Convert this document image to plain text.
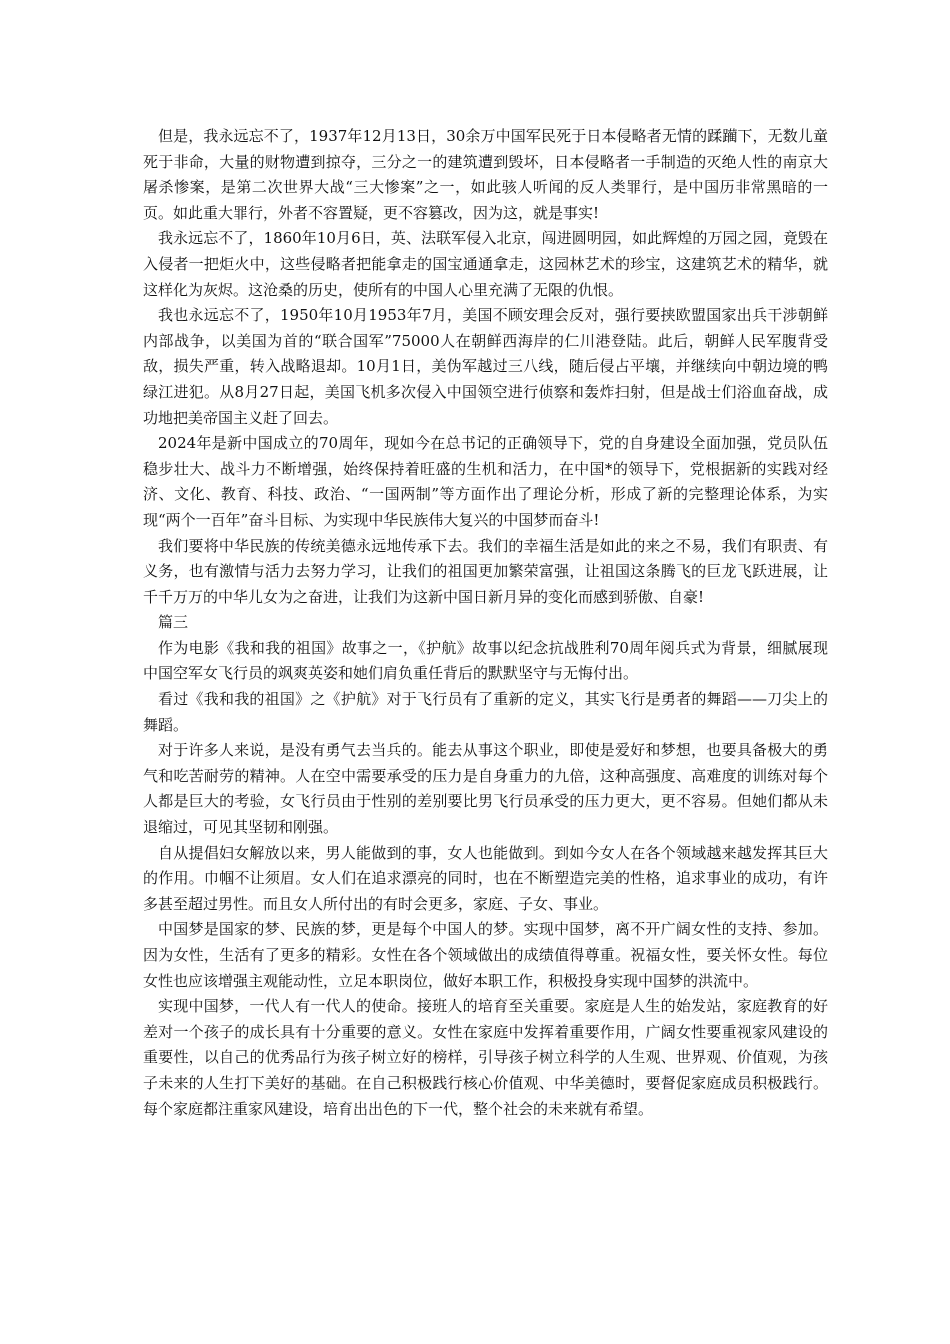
但是，我永远忘不了，1937年12月13日，30余万中国军民死于日本侵略者无情的蹂躏下，无数儿童死于非命，大量的财物遭到掠夺，三分之一的建筑遭到毁坏，日本侵略者一手制造的灭绝人性的南京大屠杀惨案，是第二次世界大战“三大惨案”之一，如此骇人听闻的反人类罪行，是中国历非常黑暗的一页。如此重大罪行，外者不容置疑，更不容篡改，因为这，就是事实!

我永远忘不了，1860年10月6日，英、法联军侵入北京，闯进圆明园，如此辉煌的万园之园，竟毁在入侵者一把炬火中，这些侵略者把能拿走的国宝通通拿走，这园林艺术的珍宝，这建筑艺术的精华，就这样化为灰烬。这沧桑的历史，使所有的中国人心里充满了无限的仇恨。

我也永远忘不了，1950年10月1953年7月，美国不顾安理会反对，强行要挟欧盟国家出兵干涉朝鲜内部战争，以美国为首的“联合国军”75000人在朝鲜西海岸的仁川港登陆。此后，朝鲜人民军腹背受敌，损失严重，转入战略退却。10月1日，美伪军越过三八线，随后侵占平壤，并继续向中朝边境的鸭绿江进犯。从8月27日起，美国飞机多次侵入中国领空进行侦察和轰炸扫射，但是战士们浴血奋战，成功地把美帝国主义赶了回去。

2024年是新中国成立的70周年，现如今在总书记的正确领导下，党的自身建设全面加强，党员队伍稳步壮大、战斗力不断增强，始终保持着旺盛的生机和活力，在中国*的领导下，党根据新的实践对经济、文化、教育、科技、政治、“一国两制”等方面作出了理论分析，形成了新的完整理论体系，为实现“两个一百年”奋斗目标、为实现中华民族伟大复兴的中国梦而奋斗!

我们要将中华民族的传统美德永远地传承下去。我们的幸福生活是如此的来之不易，我们有职责、有义务，也有激情与活力去努力学习，让我们的祖国更加繁荣富强，让祖国这条腾飞的巨龙飞跃进展，让千千万万的中华儿女为之奋进，让我们为这新中国日新月异的变化而感到骄傲、自豪!

篇三

作为电影《我和我的祖国》故事之一，《护航》故事以纪念抗战胜利70周年阅兵式为背景，细腻展现中国空军女飞行员的飒爽英姿和她们肩负重任背后的默默坚守与无悔付出。

看过《我和我的祖国》之《护航》对于飞行员有了重新的定义，其实飞行是勇者的舞蹈——刀尖上的舞蹈。

对于许多人来说，是没有勇气去当兵的。能去从事这个职业，即使是爱好和梦想，也要具备极大的勇气和吃苦耐劳的精神。人在空中需要承受的压力是自身重力的九倍，这种高强度、高难度的训练对每个人都是巨大的考验，女飞行员由于性别的差别要比男飞行员承受的压力更大，更不容易。但她们都从未退缩过，可见其坚韧和刚强。

自从提倡妇女解放以来，男人能做到的事，女人也能做到。到如今女人在各个领域越来越发挥其巨大的作用。巾帼不让须眉。女人们在追求漂亮的同时，也在不断塑造完美的性格，追求事业的成功，有许多甚至超过男性。而且女人所付出的有时会更多，家庭、子女、事业。

中国梦是国家的梦、民族的梦，更是每个中国人的梦。实现中国梦，离不开广阔女性的支持、参加。因为女性，生活有了更多的精彩。女性在各个领域做出的成绩值得尊重。祝福女性，要关怀女性。每位女性也应该增强主观能动性，立足本职岗位，做好本职工作，积极投身实现中国梦的洪流中。

实现中国梦，一代人有一代人的使命。接班人的培育至关重要。家庭是人生的始发站，家庭教育的好差对一个孩子的成长具有十分重要的意义。女性在家庭中发挥着重要作用，广阔女性要重视家风建设的重要性，以自己的优秀品行为孩子树立好的榜样，引导孩子树立科学的人生观、世界观、价值观，为孩子未来的人生打下美好的基础。在自己积极践行核心价值观、中华美德时，要督促家庭成员积极践行。每个家庭都注重家风建设，培育出出色的下一代，整个社会的未来就有希望。
